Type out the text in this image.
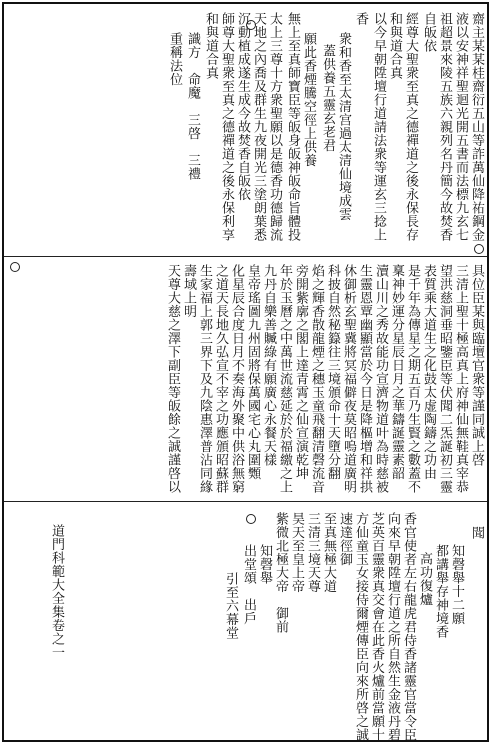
齋主某某桂齋衍五山等詐萬仙降祐鋼金
液以安神祥聖迴光開五書而法標九玄七
祖超景來陵五族六親列名丹簡今故焚香
自皈依
經尊大聖衆至真之德禪道之後永保長存
和與道合真
以今早朝陞壇行道請法衆等運玄三捻上
香
衆和香至太清宫過太清仙境成雲
蓋供養五靈玄老君
願此香煙騰空徑上供養
無上至真師寶臣等皈身皈神皈命旨體投
太上三尊十方衆聖願以是德香功德歸流
天地之內喬及群生九夜開光三塗朗葉悉
沉動植成遂生成今故焚香自皈依
師尊大聖衆至真之德禪道之後永保利享
和與道合真
識方　命魔　三啓　三禮
重稱法位
具位臣某與臨壇官衆等謹同誠上啓
三清上聖十極高真上府神仙無鞋真宰恭
望洪慈洞垂昭鑒臣等伏聞二炁誕初三靈
表質乘大道生之化鼓太虚陶鑄之功由
是千年為傳星之期五百乃生賢之數蓋不
稟神妙運分星辰日月之華鑄誕靈素韶
瀆山川之秀故能功宣濟物道叶為時慈被
生靈恩覃幽顯當於今日是降樞增和祥拱
休御析玄聖冀將冥福僻夜莫昭嗚道廣明
科披自然秘籙往三境頒命十天墮分翻
焰之輝香散龍煙之穗玉童飛翻清磬流音
旁開紫廓之閣上達青霄之仙宣演乾坤
年於玉曆之中萬世流慈延於於福繳之上
九丹自樂善贓綠有願廣心永餐天樣
皇帝瑤圖九州固將保萬國宅心丸圍䫶
化星辰合度日月不奏海外聚中供浴無窮
之道天長地久弘宣不宰之功應頒昭蘇群
生家福上郭三界下及九陰惠澤普沾同緣
壽域上明
天尊大慈之澤下副臣等皈餘之誠謹啓以
聞
知磬舉十二願
都講舉存神境香
高功復爐
香官使者左右龍虎君侍香諸靈官當令臣
向來早朝陞壇行道之所自然生金液丹碧
芝英百靈衆真交會在此香火爐前當願十
方仙童玉女接侍爾煙傳臣向來所啓之誠
速達徑御
至真無極大道
三清三境天尊
昊天至皇上帝
紫微北極大帝　御前
知磬舉
出堂頌　出戶
引至六幕堂
道門科範大全集卷之一
